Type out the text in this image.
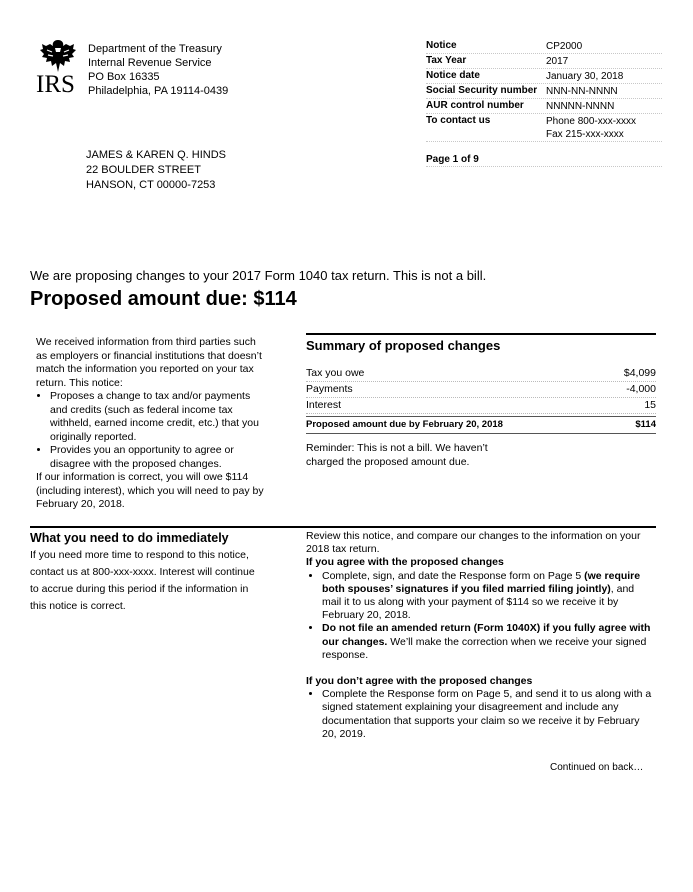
IRS
Department of the Treasury
Internal Revenue Service
PO Box 16335
Philadelphia, PA 19114-0439
Notice	CP2000
Tax Year	2017
Notice date	January 30, 2018
Social Security number NNN-NN-NNNN
AUR control number	NNNNN-NNNN
To contact us	Phone 800-xxx-xxxx
Fax 215-xxx-xxxx
Page 1 of 9
JAMES & KAREN Q. HINDS
22 BOULDER STREET
HANSON, CT 00000-7253
We are proposing changes to your 2017 Form 1040 tax return. This is not a bill.
Proposed amount due: $114
We received information from third parties such as employers or financial institutions that doesn’t match the information you reported on your tax return. This notice:
• Proposes a change to tax and/or payments and credits (such as federal income tax withheld, earned income credit, etc.) that you originally reported.
• Provides you an opportunity to agree or disagree with the proposed changes.
If our information is correct, you will owe $114 (including interest), which you will need to pay by February 20, 2018.
Summary of proposed changes
Tax you owe	$4,099
Payments	-4,000
Interest	15
Proposed amount due by February 20, 2018	$114
Reminder: This is not a bill. We haven’t charged the proposed amount due.
What you need to do immediately
If you need more time to respond to this notice, contact us at 800-xxx-xxxx. Interest will continue to accrue during this period if the information in this notice is correct.

Review this notice, and compare our changes to the information on your 2018 tax return.

If you agree with the proposed changes

• Complete, sign, and date the Response form on Page 5 (we require both spouses’ signatures if you filed married filing jointly), and mail it to us along with your payment of $114 so we receive it by February 20, 2018.
• Do not file an amended return (Form 1040X) if you fully agree with our changes. We’ll make the correction when we receive your signed response.

If you don’t agree with the proposed changes

• Complete the Response form on Page 5, and send it to us along with a signed statement explaining your disagreement and include any documentation that supports your claim so we receive it by February 20, 2019.
Continued on back…
